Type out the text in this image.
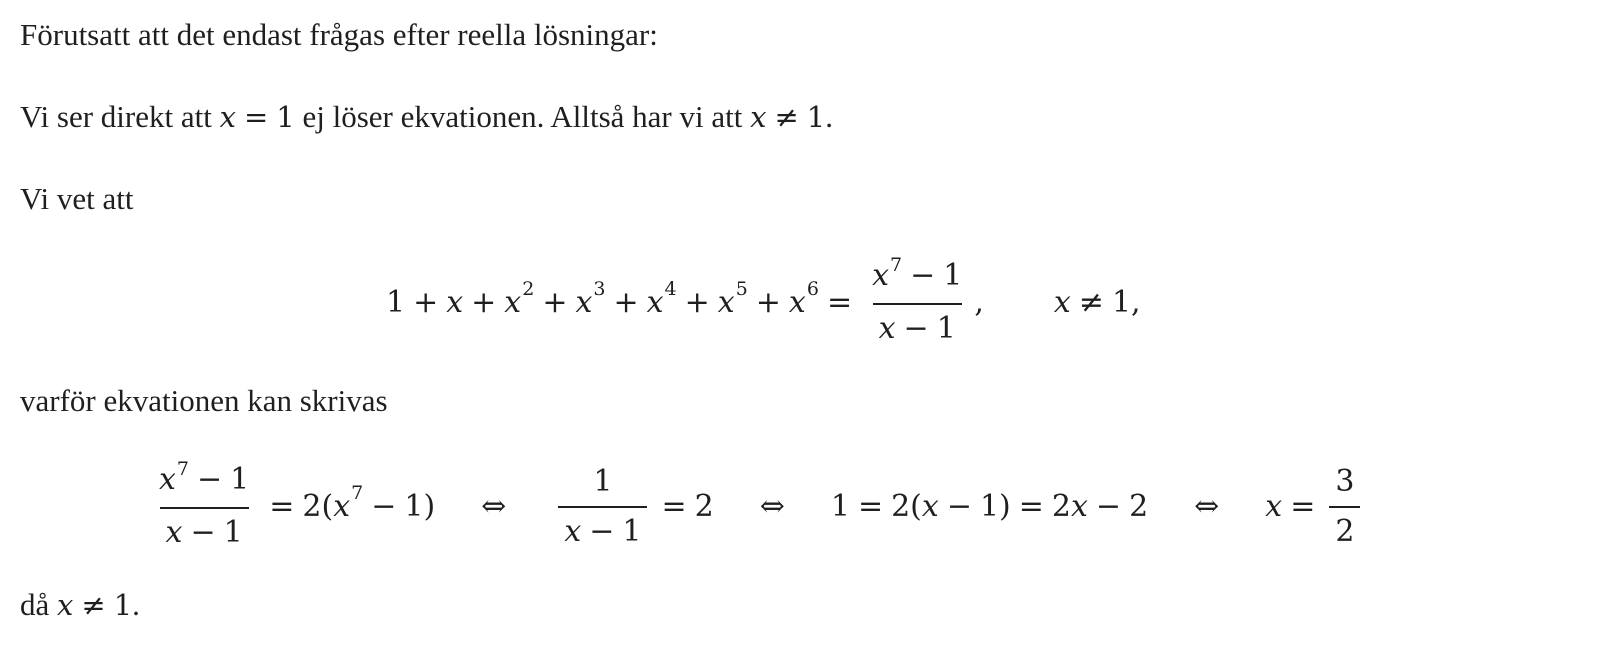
Förutsatt att det endast frågas efter reella lösningar:

Vi ser direkt att x = 1 ej löser ekvationen. Alltså har vi att x ≠ 1.

Vi vet att

1 + x + x 2 + x 3 + x 4 + x 5 + x $6 = \frac{x^7 - 1}{x - 1}$ , x ≠ 1 ,

varför ekvationen kan skrivas

$\frac{x^7 - 1}{x - 1} = 2$ ( x 7 − 1 )	⇔	$\frac{1}{x - 1} = 2$	⇔	1 = 2 ( x − 1 ) = 2 x − 2	⇔	$x = \frac{3}{2}$

då x ≠ 1.
